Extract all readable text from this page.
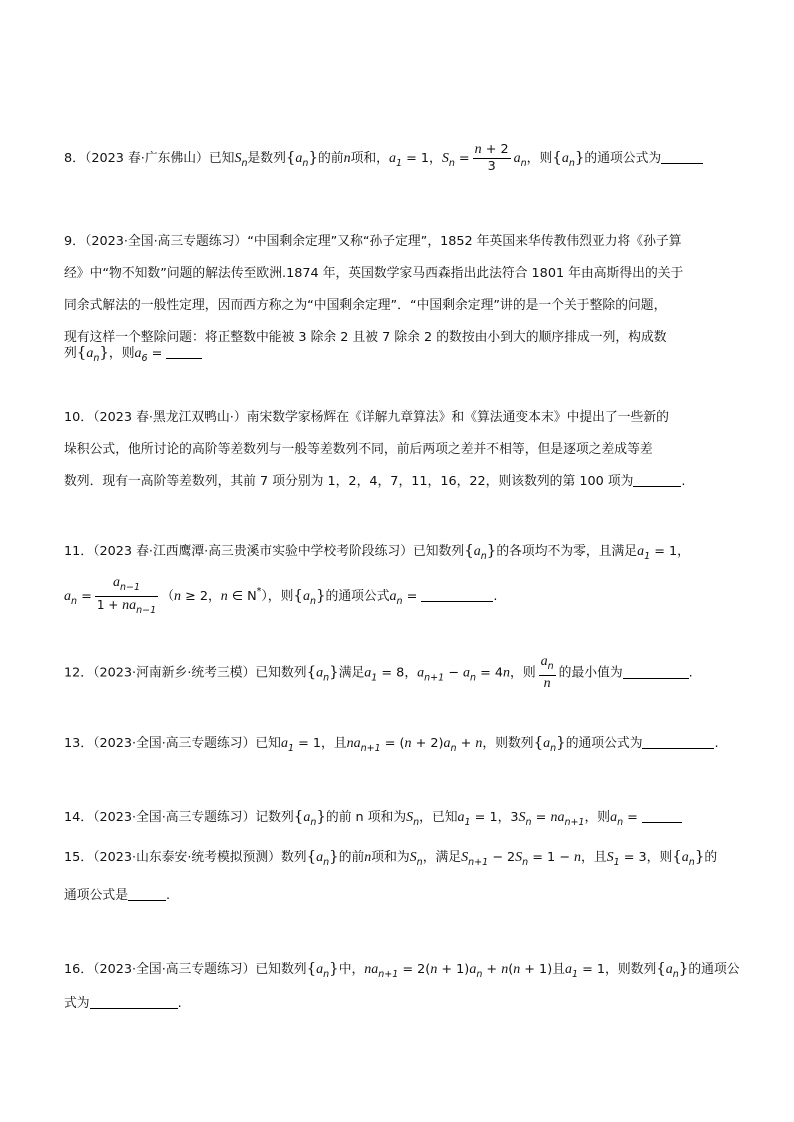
8．（2023 春·广东佛山）已知$S_n$是数列$\{a_n\}$的前n项和，$a_1 = 1$，$S_n = \frac{n + 2}{3} a_n$，则$\{a_n\}$的通项公式为
9．（2023·全国·高三专题练习）“中国剩余定理”又称“孙子定理”，1852 年英国来华传教伟烈亚力将《孙子算
经》中“物不知数”问题的解法传至欧洲.1874 年，英国数学家马西森指出此法符合 1801 年由高斯得出的关于
同余式解法的一般性定理，因而西方称之为“中国剩余定理”．“中国剩余定理”讲的是一个关于整除的问题，
现有这样一个整除问题：将正整数中能被 3 除余 2 且被 7 除余 2 的数按由小到大的顺序排成一列，构成数
列$\{a_n\}$，则$a_6$ =
10．（2023 春·黑龙江双鸭山·）南宋数学家杨辉在《详解九章算法》和《算法通变本末》中提出了一些新的
垛积公式，他所讨论的高阶等差数列与一般等差数列不同，前后两项之差并不相等，但是逐项之差成等差
数列．现有一高阶等差数列，其前 7 项分别为 1，2，4，7，11，16，22，则该数列的第 100 项为	.
11．（2023 春·江西鹰潭·高三贵溪市实验中学校考阶段练习）已知数列$\{a_n\}$的各项均不为零，且满足$a_1 = 1$，
$a_n = \frac{a_{n-1}}{1 + na_{n-1}} (n \ge 2$，n ∈ N*），则$\{a_n\}$的通项公式$a_n$ =	.
12．（2023·河南新乡·统考三模）已知数列$\{a_n\}$满足$a_1 = 8$，$a_{n+1} - a_n = 4n$，则 $\frac{a_n}{n}$ 的最小值为	.
13．（2023·全国·高三专题练习）已知$a_1 = 1$，且$na_{n+1} = (n + 2)a_n + n$，则数列$\{a_n\}$的通项公式为	.
14．（2023·全国·高三专题练习）记数列$\{a_n\}$的前 n 项和为$S_n$，已知$a_1 = 1$，$3S_n = na_{n+1}$，则$a_n$ =
15．（2023·山东泰安·统考模拟预测）数列$\{a_n\}$的前n项和为$S_n$，满足$S_{n+1} - 2S_n = 1 - n$，且$S_1 = 3$，则$\{a_n\}$的
通项公式是	.
16．（2023·全国·高三专题练习）已知数列$\{a_n\}$中，$na_{n+1} = 2(n + 1)a_n + n(n + 1)$且$a_1 = 1$，则数列$\{a_n\}$的通项公
式为	.
